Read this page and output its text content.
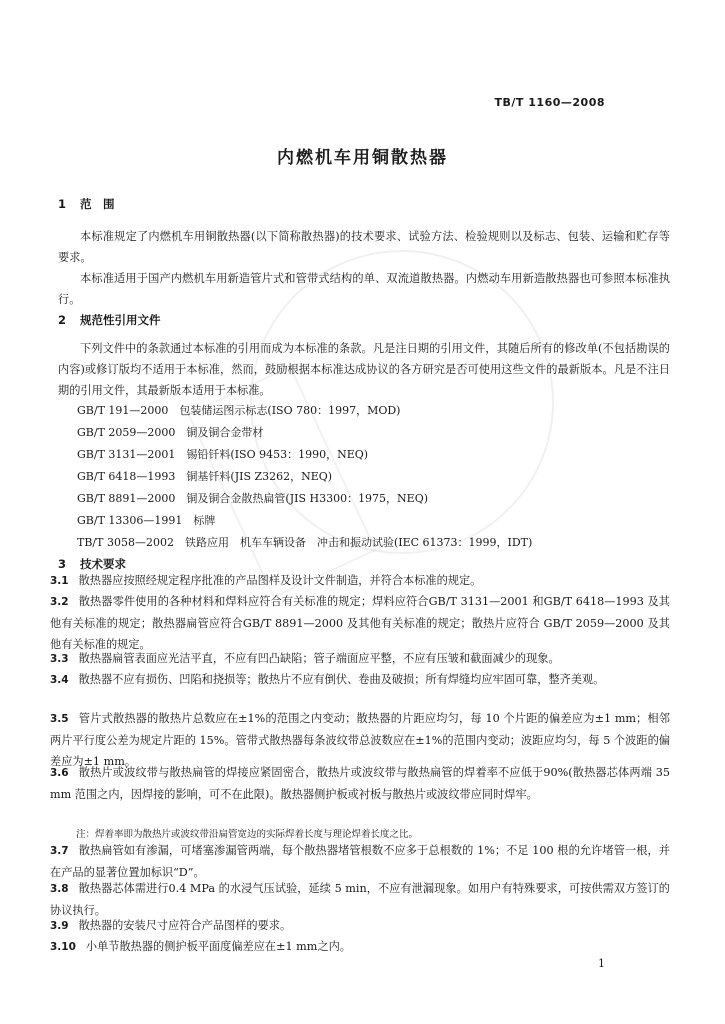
TB/T 1160—2008
内燃机车用铜散热器
1 范　围
本标准规定了内燃机车用铜散热器(以下简称散热器)的技术要求、试验方法、检验规则以及标志、包装、运输和贮存等要求。
本标准适用于国产内燃机车用新造管片式和管带式结构的单、双流道散热器。内燃动车用新造散热器也可参照本标准执行。
2 规范性引用文件
下列文件中的条款通过本标准的引用而成为本标准的条款。凡是注日期的引用文件，其随后所有的修改单(不包括勘误的内容)或修订版均不适用于本标准，然而，鼓励根据本标准达成协议的各方研究是否可使用这些文件的最新版本。凡是不注日期的引用文件，其最新版本适用于本标准。
GB/T 191—2000　包装储运图示标志(ISO 780：1997，MOD)
GB/T 2059—2000　铜及铜合金带材
GB/T 3131—2001　锡铅钎料(ISO 9453：1990，NEQ)
GB/T 6418—1993　铜基钎料(JIS Z3262，NEQ)
GB/T 8891—2000　铜及铜合金散热扁管(JIS H3300：1975，NEQ)
GB/T 13306—1991　标牌
TB/T 3058—2002　铁路应用　机车车辆设备　冲击和振动试验(IEC 61373：1999，IDT)
3 技术要求
3.1 散热器应按照经规定程序批准的产品图样及设计文件制造，并符合本标准的规定。
3.2 散热器零件使用的各种材料和焊料应符合有关标准的规定；焊料应符合GB/T 3131—2001 和GB/T 6418—1993 及其他有关标准的规定；散热器扁管应符合GB/T 8891—2000 及其他有关标准的规定；散热片应符合 GB/T 2059—2000 及其他有关标准的规定。
3.3 散热器扁管表面应光洁平直，不应有凹凸缺陷；管子端面应平整，不应有压皱和截面减少的现象。
3.4 散热器不应有损伤、凹陷和挠损等；散热片不应有倒伏、卷曲及破损；所有焊缝均应牢固可靠，整齐美观。
3.5 管片式散热器的散热片总数应在±1%的范围之内变动；散热器的片距应均匀，每 10 个片距的偏差应为±1 mm；相邻两片平行度公差为规定片距的 15%。管带式散热器每条波纹带总波数应在±1%的范围内变动；波距应均匀，每 5 个波距的偏差应为±1 mm。
3.6 散热片或波纹带与散热扁管的焊接应紧固密合，散热片或波纹带与散热扁管的焊着率不应低于90%(散热器芯体两端 35 mm 范围之内，因焊接的影响，可不在此限)。散热器侧护板或衬板与散热片或波纹带应同时焊牢。
注：焊着率即为散热片或波纹带沿扁管宽边的实际焊着长度与理论焊着长度之比。
3.7 散热扁管如有渗漏，可堵塞渗漏管两端，每个散热器堵管根数不应多于总根数的 1%；不足 100 根的允许堵管一根，并在产品的显著位置加标识“D”。
3.8 散热器芯体需进行0.4 MPa 的水浸气压试验，延续 5 min，不应有泄漏现象。如用户有特殊要求，可按供需双方签订的协议执行。
3.9 散热器的安装尺寸应符合产品图样的要求。
3.10 小单节散热器的侧护板平面度偏差应在±1 mm之内。
1
